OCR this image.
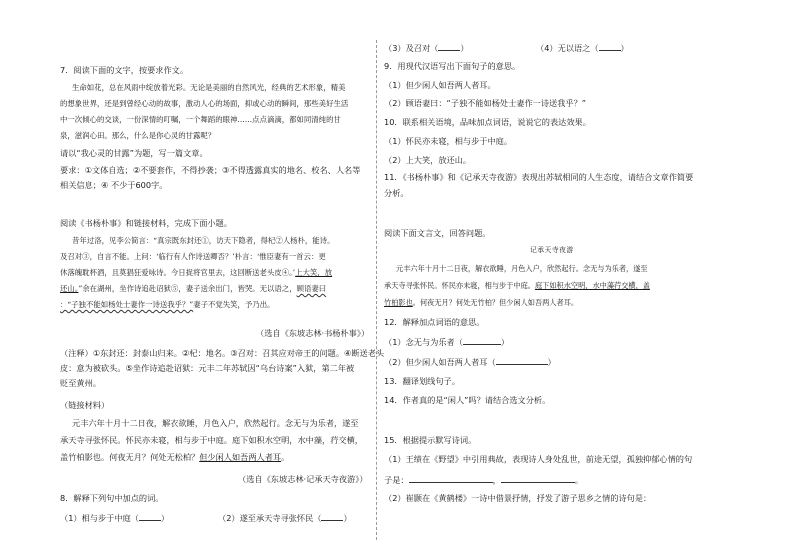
7．阅读下面的文字，按要求作文。
生命如花，总在风雨中绽放着光彩。无论是美丽的自然风光，经典的艺术形象，精美
的想象世界，还是到曾经心动的故事，激动人心的场面，抑或心动的瞬间，那些美好生活
中一次倾心的交谈，一份深情的叮嘱，一个舞蹈的眼神……点点滴滴，都如同清纯的甘
泉，滋润心田。那么，什么是你心灵的甘露呢？
请以“我心灵的甘露”为题，写一篇文章。
要求：①文体自选；②不要套作，不得抄袭；③不得透露真实的地名、校名、人名等
相关信息；④ 不少于600字。
阅读《书杨朴事》和链接材料，完成下面小题。
昔年过洛，见李公简言：“真宗既东封还①，访天下隐者，得杞②人杨朴，能诗。
及召对③，自言不能。上问：‘临行有人作诗送卿否？’朴言：‘惟臣妻有一首云：更
休落魄耽杯酒，且莫猖狂爱咏诗。今日捉将官里去，这回断送老头皮④。’上大笑，放
还山。”余在湖州，坐作诗追赴诏狱⑤，妻子送余出门，皆哭。无以语之，顾语妻曰
：“子独不能如杨处士妻作一诗送我乎？”妻子不觉失笑，予乃出。
（选自《东坡志林·书杨朴事》）
（注释）①东封还：封泰山归来。②杞：地名。③召对：召其应对帝王的问题。④断送老头
皮：意为被砍头。⑤坐作诗追赴诏狱：元丰二年苏轼因“乌台诗案”入狱，第二年被
贬至黄州。
（链接材料）
元丰六年十月十二日夜，解衣欲睡，月色入户，欣然起行。念无与为乐者，遂至
承天寺寻张怀民。怀民亦未寝，相与步于中庭。庭下如积水空明，水中藻，荇交横，
盖竹柏影也。何夜无月？何处无松柏？但少闲人如吾两人者耳。
（选自《东坡志林·记承天寺夜游》）
8．解释下列句中加点的词。
（1）相与步于中庭（	）	（2）遂至承天寺寻张怀民（	）
（3）及召对（	）	（4）无以语之（	）
9．用现代汉语写出下面句子的意思。
（1）但少闲人如吾两人者耳。
（2）顾语妻曰：“子独不能如杨处士妻作一诗送我乎？”
10．联系相关语境，品味加点词语，说说它的表达效果。
（1）怀民亦未寝，相与步于中庭。
（2）上大笑，放还山。
11．《书杨朴事》和《记承天寺夜游》表现出苏轼相同的人生态度，请结合文章作简要
分析。
阅读下面文言文，回答问题。
记承天寺夜游
元丰六年十月十二日夜，解衣欲睡，月色入户，欣然起行。念无与为乐者，遂至
承天寺寻张怀民。怀民亦未寝，相与步于中庭。庭下如积水空明，水中藻荇交横，盖
竹柏影也。何夜无月？何处无竹柏？但少闲人如吾两人者耳。
12．解释加点词语的意思。
（1）念无与为乐者（	）
（2）但少闲人如吾两人者耳（	）
13．翻译划线句子。
14．作者真的是“闲人”吗？请结合选文分析。
15．根据提示默写诗词。
（1）王绩在《野望》中引用典故，表现诗人身处乱世，前途无望，孤独抑郁心情的句
子是：	，	。
（2）崔颢在《黄鹤楼》一诗中借景抒情，抒发了游子思乡之情的诗句是：
